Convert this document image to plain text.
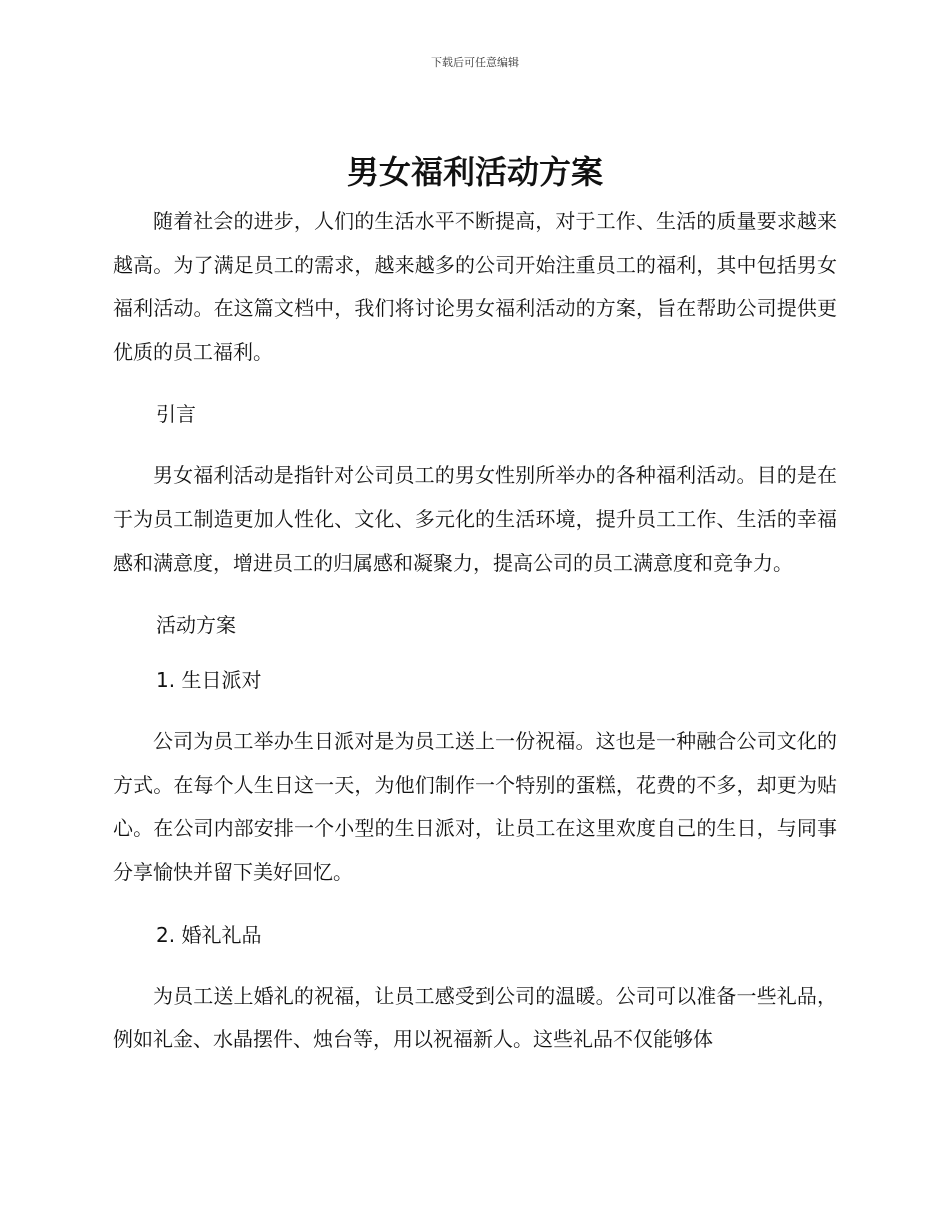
下载后可任意编辑
男女福利活动方案

随着社会的进步，人们的生活水平不断提高，对于工作、生活的质量要求越来越高。为了满足员工的需求，越来越多的公司开始注重员工的福利，其中包括男女福利活动。在这篇文档中，我们将讨论男女福利活动的方案，旨在帮助公司提供更优质的员工福利。

引言

男女福利活动是指针对公司员工的男女性别所举办的各种福利活动。目的是在于为员工制造更加人性化、文化、多元化的生活环境，提升员工工作、生活的幸福感和满意度，增进员工的归属感和凝聚力，提高公司的员工满意度和竞争力。

活动方案
1. 生日派对

公司为员工举办生日派对是为员工送上一份祝福。这也是一种融合公司文化的方式。在每个人生日这一天，为他们制作一个特别的蛋糕，花费的不多，却更为贴心。在公司内部安排一个小型的生日派对，让员工在这里欢度自己的生日，与同事分享愉快并留下美好回忆。

2. 婚礼礼品

为员工送上婚礼的祝福，让员工感受到公司的温暖。公司可以准备一些礼品，例如礼金、水晶摆件、烛台等，用以祝福新人。这些礼品不仅能够体
